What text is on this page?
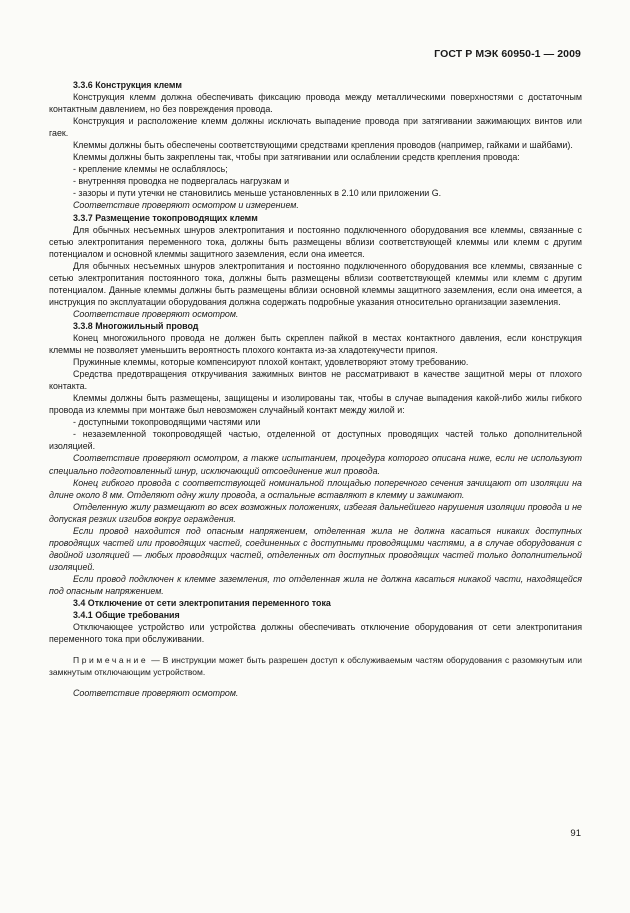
ГОСТ Р МЭК 60950-1 — 2009

3.3.6 Конструкция клемм

Конструкция клемм должна обеспечивать фиксацию провода между металлическими поверхностями с достаточным контактным давлением, но без повреждения провода.

Конструкция и расположение клемм должны исключать выпадение провода при затягивании зажимающих винтов или гаек.

Клеммы должны быть обеспечены соответствующими средствами крепления проводов (например, гайками и шайбами).

Клеммы должны быть закреплены так, чтобы при затягивании или ослаблении средств крепления провода:

- крепление клеммы не ослаблялось;

- внутренняя проводка не подвергалась нагрузкам и

- зазоры и пути утечки не становились меньше установленных в 2.10 или приложении G.

Соответствие проверяют осмотром и измерением.

3.3.7 Размещение токопроводящих клемм

Для обычных несъемных шнуров электропитания и постоянно подключенного оборудования все клеммы, связанные с сетью электропитания переменного тока, должны быть размещены вблизи соответствующей клеммы или клемм с другим потенциалом и основной клеммы защитного заземления, если она имеется.

Для обычных несъемных шнуров электропитания и постоянно подключенного оборудования все клеммы, связанные с сетью электропитания постоянного тока, должны быть размещены вблизи соответствующей клеммы или клемм с другим потенциалом. Данные клеммы должны быть размещены вблизи основной клеммы защитного заземления, если она имеется, а инструкция по эксплуатации оборудования должна содержать подробные указания относительно организации заземления.

Соответствие проверяют осмотром.

3.3.8 Многожильный провод

Конец многожильного провода не должен быть скреплен пайкой в местах контактного давления, если конструкция клеммы не позволяет уменьшить вероятность плохого контакта из-за хладотекучести припоя.

Пружинные клеммы, которые компенсируют плохой контакт, удовлетворяют этому требованию.

Средства предотвращения откручивания зажимных винтов не рассматривают в качестве защитной меры от плохого контакта.

Клеммы должны быть размещены, защищены и изолированы так, чтобы в случае выпадения какой-либо жилы гибкого провода из клеммы при монтаже был невозможен случайный контакт между жилой и:

- доступными токопроводящими частями или

- незаземленной токопроводящей частью, отделенной от доступных проводящих частей только дополнительной изоляцией.

Соответствие проверяют осмотром, а также испытанием, процедура которого описана ниже, если не используют специально подготовленный шнур, исключающий отсоединение жил провода.

Конец гибкого провода с соответствующей номинальной площадью поперечного сечения зачищают от изоляции на длине около 8 мм. Отделяют одну жилу провода, а остальные вставляют в клемму и зажимают.

Отделенную жилу размещают во всех возможных положениях, избегая дальнейшего нарушения изоляции провода и не допуская резких изгибов вокруг ограждения.

Если провод находится под опасным напряжением, отделенная жила не должна касаться никаких доступных проводящих частей или проводящих частей, соединенных с доступными проводящими частями, а в случае оборудования с двойной изоляцией — любых проводящих частей, отделенных от доступных проводящих частей только дополнительной изоляцией.

Если провод подключен к клемме заземления, то отделенная жила не должна касаться никакой части, находящейся под опасным напряжением.

3.4 Отключение от сети электропитания переменного тока

3.4.1 Общие требования

Отключающее устройство или устройства должны обеспечивать отключение оборудования от сети электропитания переменного тока при обслуживании.

Примечание — В инструкции может быть разрешен доступ к обслуживаемым частям оборудования с разомкнутым или замкнутым отключающим устройством.

Соответствие проверяют осмотром.

91
